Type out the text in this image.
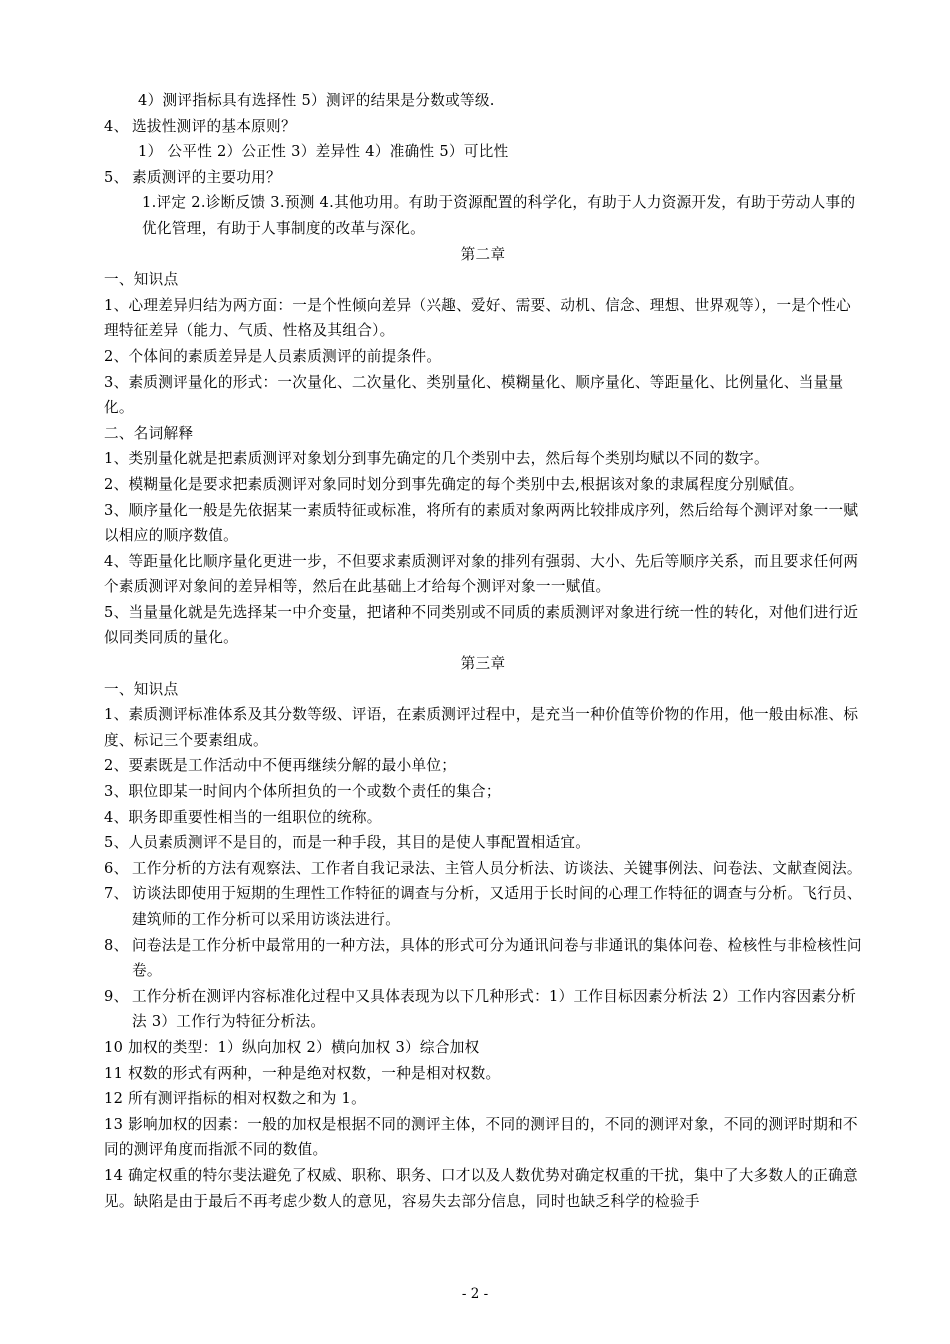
4）测评指标具有选择性 5）测评的结果是分数或等级.

4、 选拔性测评的基本原则？

1） 公平性 2）公正性 3）差异性 4）准确性 5）可比性

5、 素质测评的主要功用？

1.评定 2.诊断反馈 3.预测 4.其他功用。有助于资源配置的科学化，有助于人力资源开发，有助于劳动人事的优化管理，有助于人事制度的改革与深化。

第二章

一、知识点

1、心理差异归结为两方面：一是个性倾向差异（兴趣、爱好、需要、动机、信念、理想、世界观等），一是个性心理特征差异（能力、气质、性格及其组合）。

2、个体间的素质差异是人员素质测评的前提条件。

3、素质测评量化的形式：一次量化、二次量化、类别量化、模糊量化、顺序量化、等距量化、比例量化、当量量化。

二、名词解释

1、类别量化就是把素质测评对象划分到事先确定的几个类别中去，然后每个类别均赋以不同的数字。

2、模糊量化是要求把素质测评对象同时划分到事先确定的每个类别中去,根据该对象的隶属程度分别赋值。

3、顺序量化一般是先依据某一素质特征或标准，将所有的素质对象两两比较排成序列，然后给每个测评对象一一赋以相应的顺序数值。

4、等距量化比顺序量化更进一步，不但要求素质测评对象的排列有强弱、大小、先后等顺序关系，而且要求任何两个素质测评对象间的差异相等，然后在此基础上才给每个测评对象一一赋值。

5、当量量化就是先选择某一中介变量，把诸种不同类别或不同质的素质测评对象进行统一性的转化，对他们进行近似同类同质的量化。

第三章

一、知识点

1、素质测评标准体系及其分数等级、评语，在素质测评过程中，是充当一种价值等价物的作用，他一般由标准、标度、标记三个要素组成。

2、要素既是工作活动中不便再继续分解的最小单位；

3、职位即某一时间内个体所担负的一个或数个责任的集合；

4、职务即重要性相当的一组职位的统称。

5、人员素质测评不是目的，而是一种手段，其目的是使人事配置相适宜。

6、 工作分析的方法有观察法、工作者自我记录法、主管人员分析法、访谈法、关键事例法、问卷法、文献查阅法。
7、 访谈法即使用于短期的生理性工作特征的调查与分析，又适用于长时间的心理工作特征的调查与分析。飞行员、建筑师的工作分析可以采用访谈法进行。
8、 问卷法是工作分析中最常用的一种方法，具体的形式可分为通讯问卷与非通讯的集体问卷、检核性与非检核性问卷。
9、 工作分析在测评内容标准化过程中又具体表现为以下几种形式：1）工作目标因素分析法 2）工作内容因素分析法 3）工作行为特征分析法。

10 加权的类型：1）纵向加权 2）横向加权 3）综合加权

11 权数的形式有两种，一种是绝对权数，一种是相对权数。

12 所有测评指标的相对权数之和为 1。

13 影响加权的因素：一般的加权是根据不同的测评主体，不同的测评目的，不同的测评对象，不同的测评时期和不同的测评角度而指派不同的数值。

14 确定权重的特尔斐法避免了权威、职称、职务、口才以及人数优势对确定权重的干扰，集中了大多数人的正确意见。缺陷是由于最后不再考虑少数人的意见，容易失去部分信息，同时也缺乏科学的检验手

- 2 -
